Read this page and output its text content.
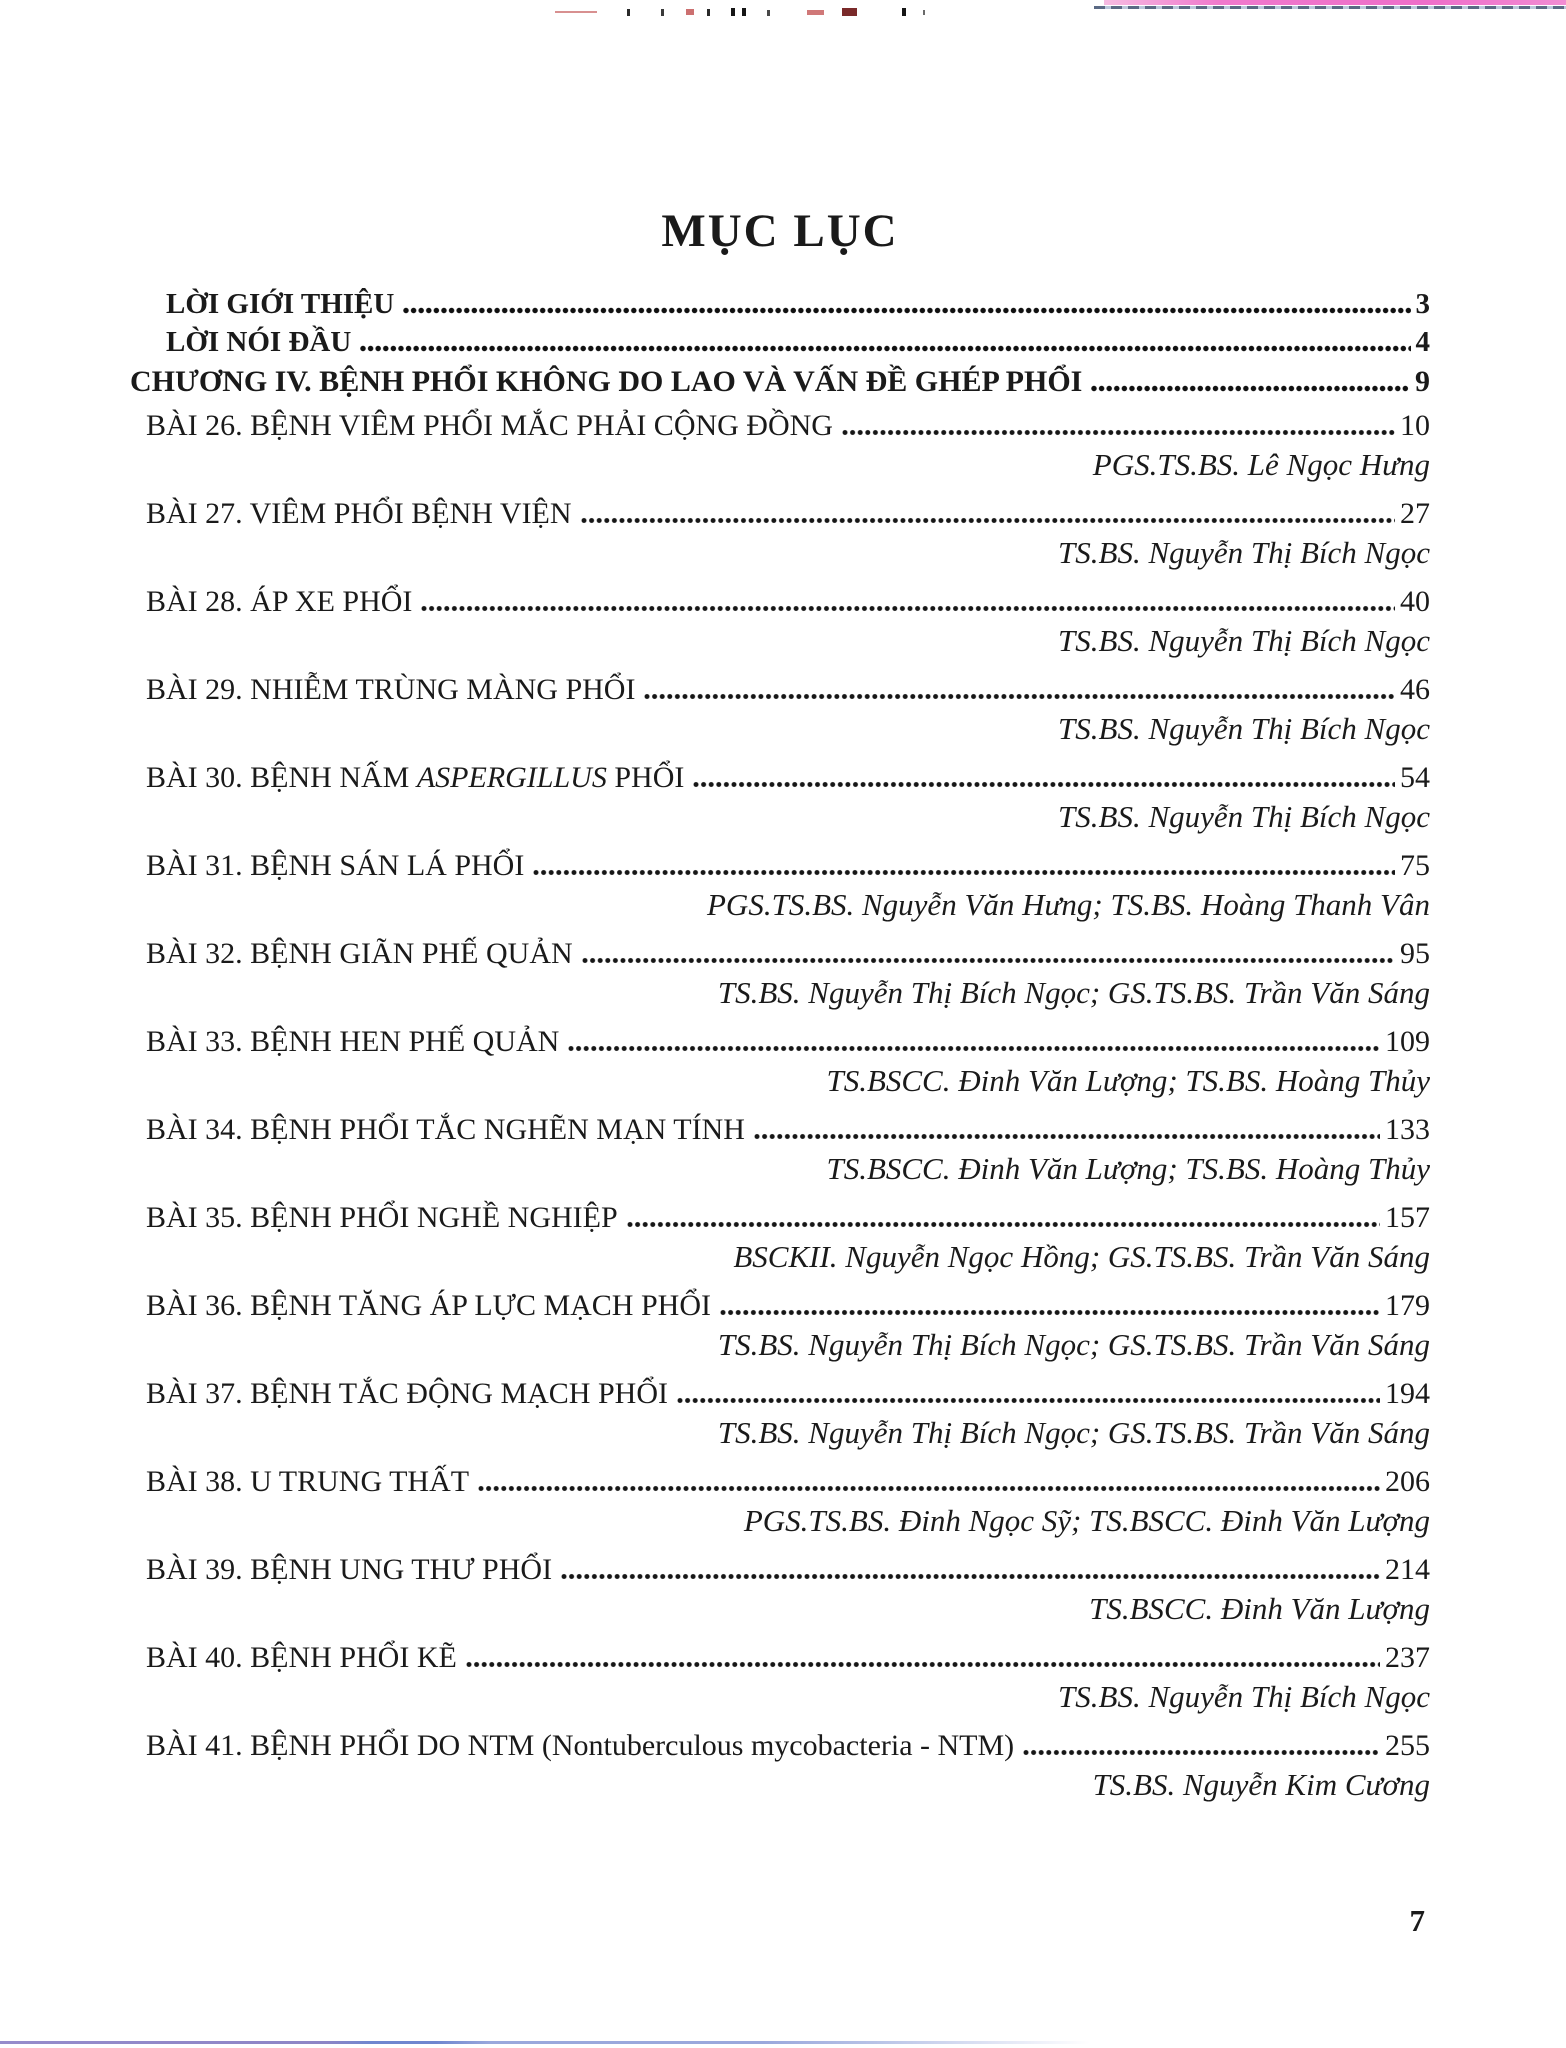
MỤC LỤC
LỜI GIỚI THIỆU	3
LỜI NÓI ĐẦU	4
CHƯƠNG IV. BỆNH PHỔI KHÔNG DO LAO VÀ VẤN ĐỀ GHÉP PHỔI	9
BÀI 26. BỆNH VIÊM PHỔI MẮC PHẢI CỘNG ĐỒNG	10
PGS.TS.BS. Lê Ngọc Hưng
BÀI 27. VIÊM PHỔI BỆNH VIỆN	27
TS.BS. Nguyễn Thị Bích Ngọc
BÀI 28. ÁP XE PHỔI	40
TS.BS. Nguyễn Thị Bích Ngọc
BÀI 29. NHIỄM TRÙNG MÀNG PHỔI	46
TS.BS. Nguyễn Thị Bích Ngọc
BÀI 30. BỆNH NẤM ASPERGILLUS PHỔI	54
TS.BS. Nguyễn Thị Bích Ngọc
BÀI 31. BỆNH SÁN LÁ PHỔI	75
PGS.TS.BS. Nguyễn Văn Hưng; TS.BS. Hoàng Thanh Vân
BÀI 32. BỆNH GIÃN PHẾ QUẢN	95
TS.BS. Nguyễn Thị Bích Ngọc; GS.TS.BS. Trần Văn Sáng
BÀI 33. BỆNH HEN PHẾ QUẢN	109
TS.BSCC. Đinh Văn Lượng; TS.BS. Hoàng Thủy
BÀI 34. BỆNH PHỔI TẮC NGHẼN MẠN TÍNH	133
TS.BSCC. Đinh Văn Lượng; TS.BS. Hoàng Thủy
BÀI 35. BỆNH PHỔI NGHỀ NGHIỆP	157
BSCKII. Nguyễn Ngọc Hồng; GS.TS.BS. Trần Văn Sáng
BÀI 36. BỆNH TĂNG ÁP LỰC MẠCH PHỔI	179
TS.BS. Nguyễn Thị Bích Ngọc; GS.TS.BS. Trần Văn Sáng
BÀI 37. BỆNH TẮC ĐỘNG MẠCH PHỔI	194
TS.BS. Nguyễn Thị Bích Ngọc; GS.TS.BS. Trần Văn Sáng
BÀI 38. U TRUNG THẤT	206
PGS.TS.BS. Đinh Ngọc Sỹ; TS.BSCC. Đinh Văn Lượng
BÀI 39. BỆNH UNG THƯ PHỔI	214
TS.BSCC. Đinh Văn Lượng
BÀI 40. BỆNH PHỔI KẼ	237
TS.BS. Nguyễn Thị Bích Ngọc
BÀI 41. BỆNH PHỔI DO NTM (Nontuberculous mycobacteria - NTM)	255
TS.BS. Nguyễn Kim Cương
7
